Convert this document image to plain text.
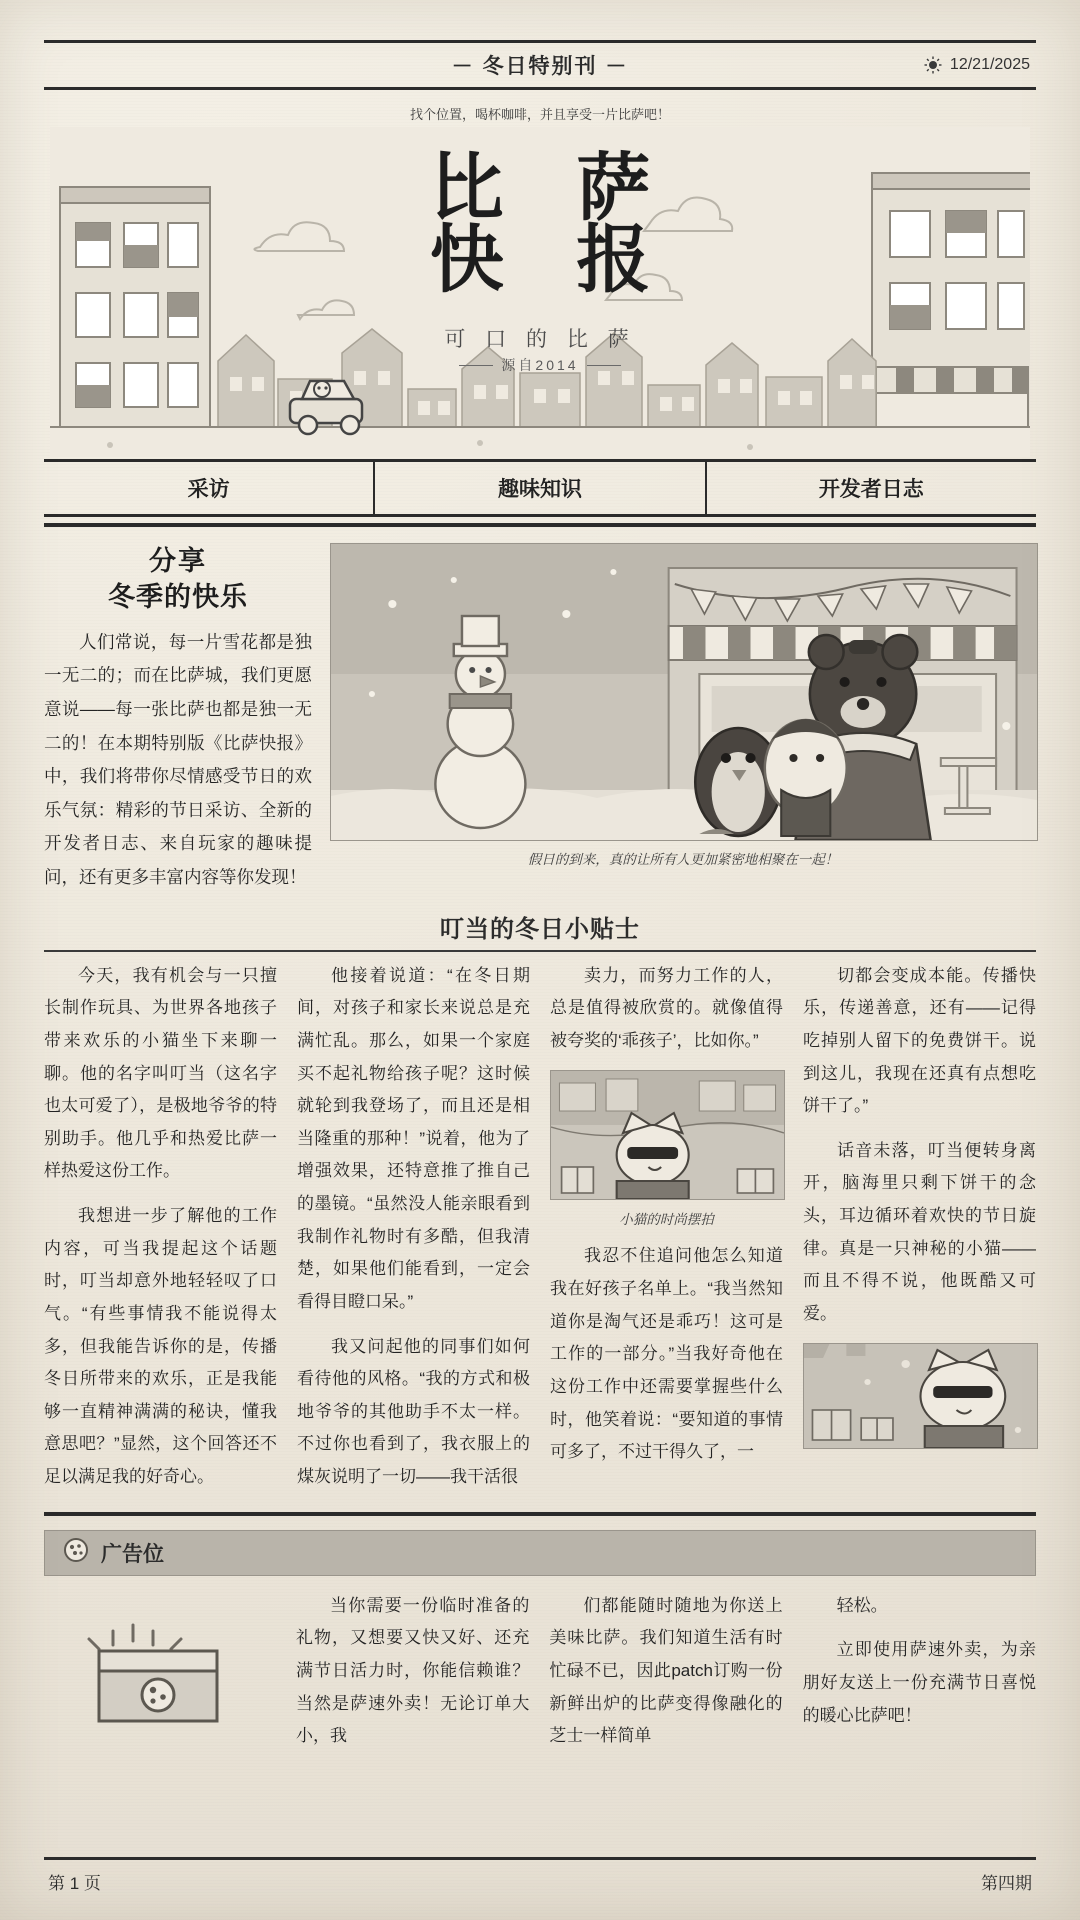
－ 冬日特别刊 －	12/21/2025
找个位置，喝杯咖啡，并且享受一片比萨吧！
比 萨
快 报
可 口 的 比 萨
源自2014
采访	趣味知识	开发者日志
分享
冬季的快乐
人们常说，每一片雪花都是独一无二的；而在比萨城，我们更愿意说——每一张比萨也都是独一无二的！在本期特别版《比萨快报》中，我们将带你尽情感受节日的欢乐气氛：精彩的节日采访、全新的开发者日志、来自玩家的趣味提问，还有更多丰富内容等你发现！
假日的到来，真的让所有人更加紧密地相聚在一起！
叮当的冬日小贴士

今天，我有机会与一只擅长制作玩具、为世界各地孩子带来欢乐的小猫坐下来聊一聊。他的名字叫叮当（这名字也太可爱了），是极地爷爷的特别助手。他几乎和热爱比萨一样热爱这份工作。

我想进一步了解他的工作内容，可当我提起这个话题时，叮当却意外地轻轻叹了口气。“有些事情我不能说得太多，但我能告诉你的是，传播冬日所带来的欢乐，正是我能够一直精神满满的秘诀，懂我意思吧？”显然，这个回答还不足以满足我的好奇心。

他接着说道：“在冬日期间，对孩子和家长来说总是充满忙乱。那么，如果一个家庭买不起礼物给孩子呢？这时候就轮到我登场了，而且还是相当隆重的那种！”说着，他为了增强效果，还特意推了推自己的墨镜。“虽然没人能亲眼看到我制作礼物时有多酷，但我清楚，如果他们能看到，一定会看得目瞪口呆。”

我又问起他的同事们如何看待他的风格。“我的方式和极地爷爷的其他助手不太一样。不过你也看到了，我衣服上的煤灰说明了一切——我干活很

卖力，而努力工作的人，总是值得被欣赏的。就像值得被夸奖的‘乖孩子’，比如你。”

小猫的时尚摆拍

我忍不住追问他怎么知道我在好孩子名单上。“我当然知道你是淘气还是乖巧！这可是工作的一部分。”当我好奇他在这份工作中还需要掌握些什么时，他笑着说：“要知道的事情可多了，不过干得久了，一

切都会变成本能。传播快乐，传递善意，还有——记得吃掉别人留下的免费饼干。说到这儿，我现在还真有点想吃饼干了。”

话音未落，叮当便转身离开，脑海里只剩下饼干的念头，耳边循环着欢快的节日旋律。真是一只神秘的小猫——而且不得不说，他既酷又可爱。

广告位

当你需要一份临时准备的礼物，又想要又快又好、还充满节日活力时，你能信赖谁？当然是萨速外卖！无论订单大小，我

们都能随时随地为你送上美味比萨。我们知道生活有时忙碌不已，因此patch订购一份新鲜出炉的比萨变得像融化的芝士一样简单

轻松。

立即使用萨速外卖，为亲朋好友送上一份充满节日喜悦的暖心比萨吧！

第 1 页	第四期
